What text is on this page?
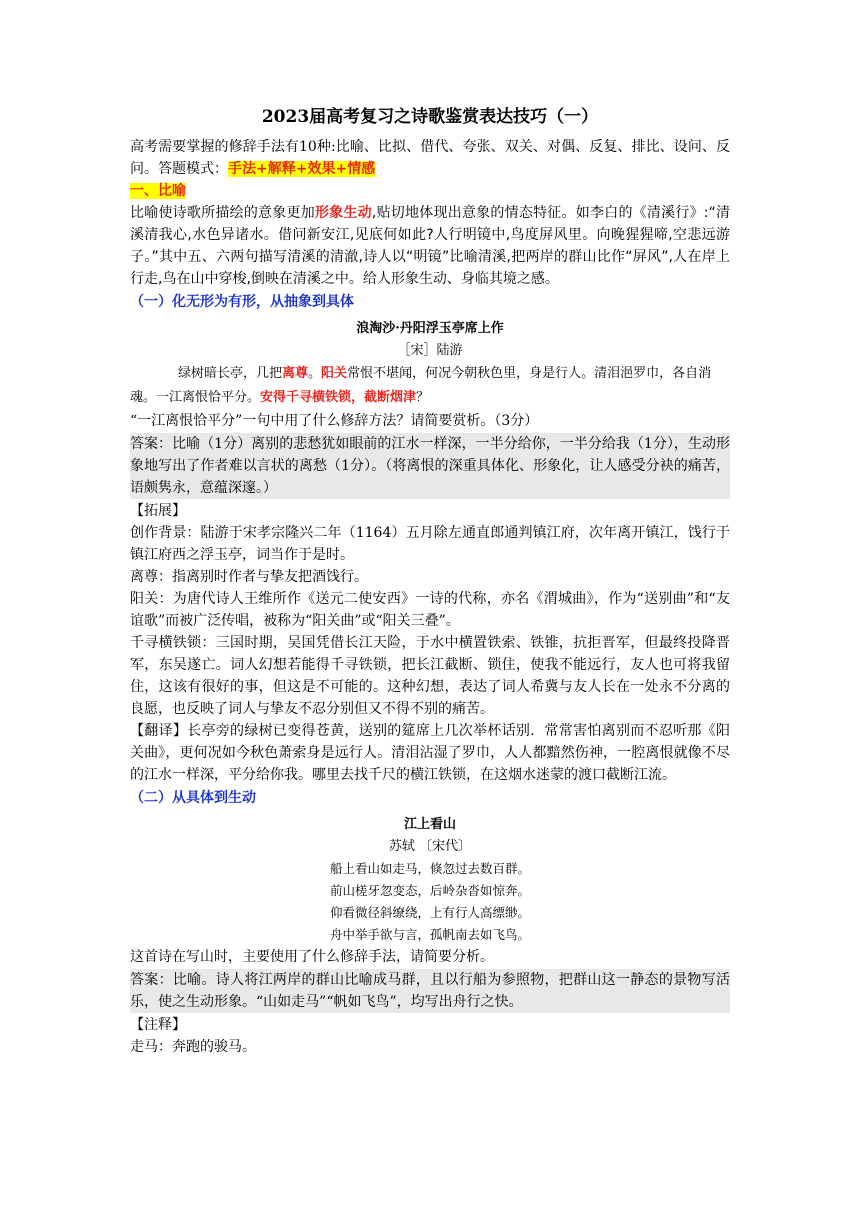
2023届高考复习之诗歌鉴赏表达技巧（一）

高考需要掌握的修辞手法有10种:比喻、比拟、借代、夸张、双关、对偶、反复、排比、设问、反问。答题模式：手法+解释+效果+情感

一、比喻

比喻使诗歌所描绘的意象更加形象生动,贴切地体现出意象的情态特征。如李白的《清溪行》:“清溪清我心,水色异诸水。借问新安江,见底何如此?人行明镜中,鸟度屏风里。向晚猩猩啼,空悲远游子。”其中五、六两句描写清溪的清澈,诗人以“明镜”比喻清溪,把两岸的群山比作“屏风”,人在岸上行走,鸟在山中穿梭,倒映在清溪之中。给人形象生动、身临其境之感。

（一）化无形为有形，从抽象到具体
浪淘沙·丹阳浮玉亭席上作
［宋］陆游

绿树暗长亭，几把离尊。阳关常恨不堪闻，何况今朝秋色里，身是行人。清泪浥罗巾，各自消魂。一江离恨恰平分。安得千寻横铁锁，截断烟津？

“一江离恨恰平分”一句中用了什么修辞方法？请简要赏析。（3分）

答案：比喻（1分）离别的悲愁犹如眼前的江水一样深，一半分给你，一半分给我（1分），生动形象地写出了作者难以言状的离愁（1分）。（将离恨的深重具体化、形象化，让人感受分袂的痛苦，语颇隽永，意蕴深邃。）

【拓展】

创作背景：陆游于宋孝宗隆兴二年（1164）五月除左通直郎通判镇江府，次年离开镇江，饯行于镇江府西之浮玉亭，词当作于是时。

离尊：指离别时作者与挚友把酒饯行。

阳关：为唐代诗人王维所作《送元二使安西》一诗的代称，亦名《渭城曲》，作为“送别曲”和“友谊歌”而被广泛传唱，被称为“阳关曲”或“阳关三叠”。

千寻横铁锁：三国时期，吴国凭借长江天险，于水中横置铁索、铁锥，抗拒晋军，但最终投降晋军，东吴遂亡。词人幻想若能得千寻铁锁，把长江截断、锁住，使我不能远行，友人也可将我留住，这该有很好的事，但这是不可能的。这种幻想，表达了词人希冀与友人长在一处永不分离的良愿，也反映了词人与挚友不忍分别但又不得不别的痛苦。

【翻译】长亭旁的绿树已变得苍黄，送别的筵席上几次举杯话别．常常害怕离别而不忍听那《阳关曲》，更何况如今秋色萧索身是远行人。清泪沾湿了罗巾，人人都黯然伤神，一腔离恨就像不尽的江水一样深，平分给你我。哪里去找千尺的横江铁锁，在这烟水迷蒙的渡口截断江流。

（二）从具体到生动
江上看山
苏轼 〔宋代〕
船上看山如走马，倏忽过去数百群。
前山槎牙忽变态，后岭杂沓如惊奔。
仰看微径斜缭绕，上有行人高缥缈。
舟中举手欲与言，孤帆南去如飞鸟。

这首诗在写山时，主要使用了什么修辞手法，请简要分析。

答案：比喻。诗人将江两岸的群山比喻成马群，且以行船为参照物，把群山这一静态的景物写活乐，使之生动形象。“山如走马”“帆如飞鸟”，均写出舟行之快。

【注释】

走马：奔跑的骏马。
